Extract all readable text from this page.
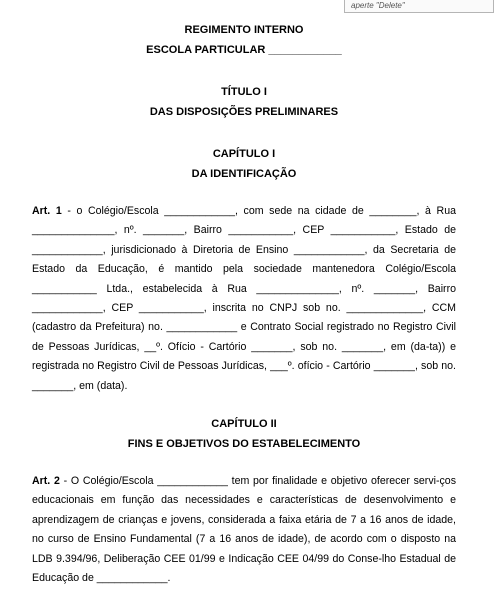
aperte "Delete"
REGIMENTO INTERNO
ESCOLA PARTICULAR ____________
TÍTULO I
DAS DISPOSIÇÕES PRELIMINARES
CAPÍTULO I
DA IDENTIFICAÇÃO

Art. 1 - o Colégio/Escola ____________, com sede na cidade de ________, à Rua ______________, nº. _______, Bairro ___________, CEP ___________, Estado de ____________, jurisdicionado à Diretoria de Ensino ____________, da Secretaria de Estado da Educação, é mantido pela sociedade mantenedora Colégio/Escola ___________ Ltda., estabelecida à Rua ______________, nº. _______, Bairro ____________, CEP ___________, inscrita no CNPJ sob no. _____________, CCM (cadastro da Prefeitura) no. ____________ e Contrato Social registrado no Registro Civil de Pessoas Jurídicas, __º. Ofício - Cartório _______, sob no. _______, em (da-ta)) e registrada no Registro Civil de Pessoas Jurídicas, ___º. ofício - Cartório _______, sob no. _______, em (data).

CAPÍTULO II
FINS E OBJETIVOS DO ESTABELECIMENTO

Art. 2 - O Colégio/Escola ____________ tem por finalidade e objetivo oferecer servi-ços educacionais em função das necessidades e características de desenvolvimento e aprendizagem de crianças e jovens, considerada a faixa etária de 7 a 16 anos de idade, no curso de Ensino Fundamental (7 a 16 anos de idade), de acordo com o disposto na LDB 9.394/96, Deliberação CEE 01/99 e Indicação CEE 04/99 do Conse-lho Estadual de Educação de ____________.
